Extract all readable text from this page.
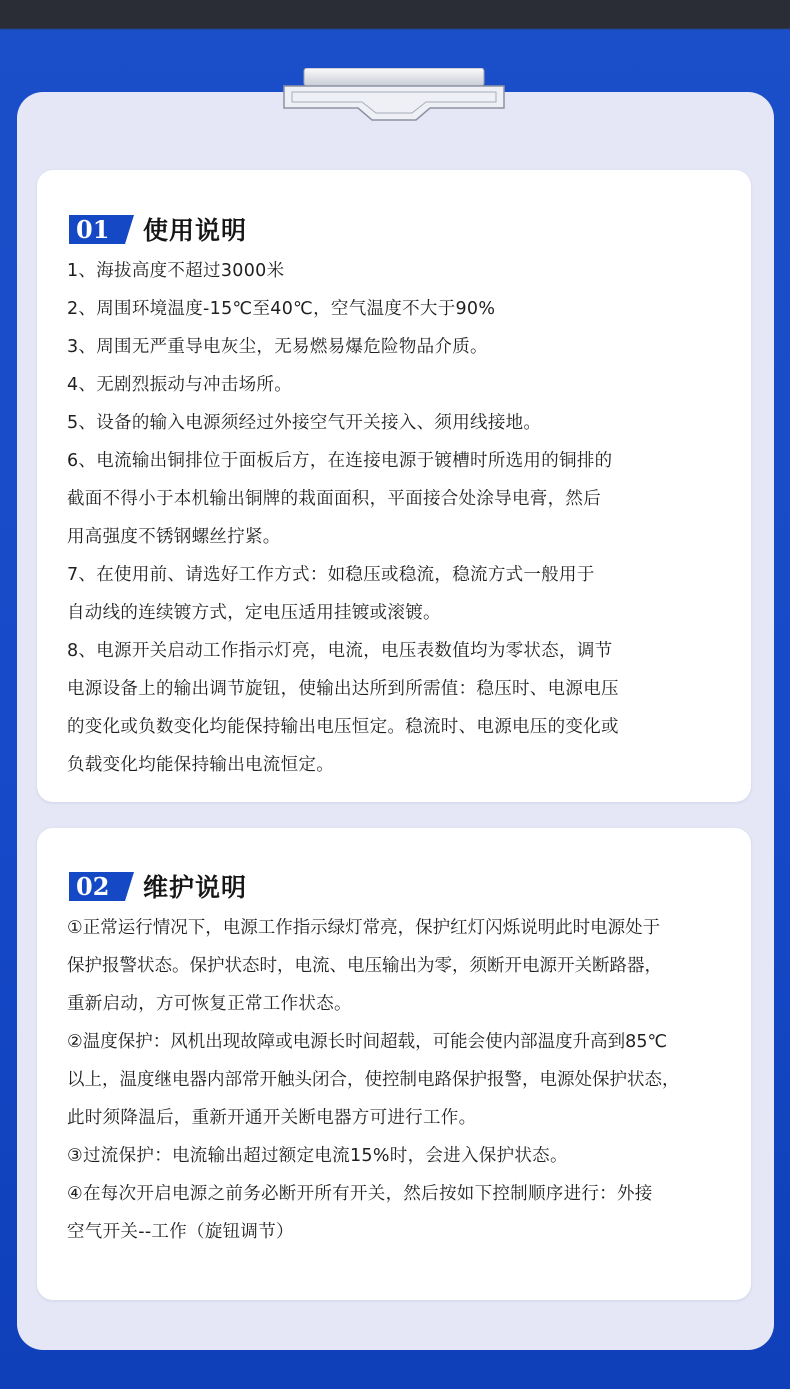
01 使用说明
1、海拔高度不超过3000米
2、周围环境温度-15℃至40℃，空气温度不大于90%
3、周围无严重导电灰尘，无易燃易爆危险物品介质。
4、无剧烈振动与冲击场所。
5、设备的输入电源须经过外接空气开关接入、须用线接地。
6、电流输出铜排位于面板后方，在连接电源于镀槽时所选用的铜排的
截面不得小于本机输出铜牌的栽面面积，平面接合处涂导电膏，然后
用高强度不锈钢螺丝拧紧。
7、在使用前、请选好工作方式：如稳压或稳流，稳流方式一般用于
自动线的连续镀方式，定电压适用挂镀或滚镀。
8、电源开关启动工作指示灯亮，电流，电压表数值均为零状态，调节
电源设备上的输出调节旋钮，使输出达所到所需值：稳压时、电源电压
的变化或负数变化均能保持输出电压恒定。稳流时、电源电压的变化或
负载变化均能保持输出电流恒定。
02 维护说明
①正常运行情况下，电源工作指示绿灯常亮，保护红灯闪烁说明此时电源处于
保护报警状态。保护状态时，电流、电压输出为零，须断开电源开关断路器，
重新启动，方可恢复正常工作状态。
②温度保护：风机出现故障或电源长时间超载，可能会使内部温度升高到85℃
以上，温度继电器内部常开触头闭合，使控制电路保护报警，电源处保护状态，
此时须降温后，重新开通开关断电器方可进行工作。
③过流保护：电流输出超过额定电流15%时，会进入保护状态。
④在每次开启电源之前务必断开所有开关，然后按如下控制顺序进行：外接
空气开关--工作（旋钮调节）
